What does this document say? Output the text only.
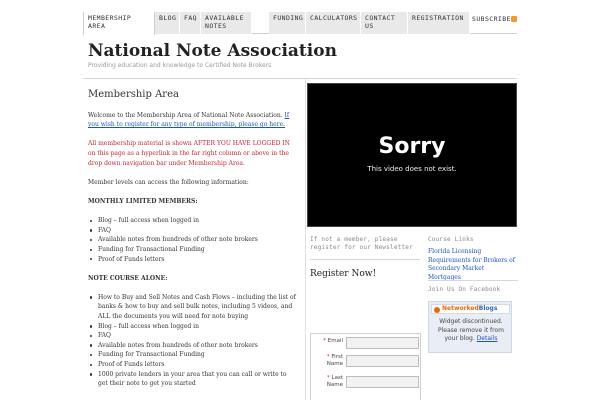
MEMBERSHIP AREA
BLOG	FAQ	AVAILABLE NOTES
FUNDING	CALCULATORS	CONTACT US
REGISTRATION	SUBSCRIBE
National Note Association
Providing education and knowledge to Certified Note Brokers
Membership Area

Welcome to the Membership Area of National Note Association. If you wish to register for any type of membership, please go here.

All membership material is shown AFTER YOU HAVE LOGGED IN on this page as a hyperlink in the far right column or above in the drop down navigation bar under Membership Area.

Member levels can access the following information:

MONTHLY LIMITED MEMBERS:
Blog – full access when logged in
FAQ
Available notes from hundreds of other note brokers
Funding for Transactional Funding
Proof of Funds letters
NOTE COURSE ALONE:
How to Buy and Sell Notes and Cash Flows – including the list of banks & how to buy and sell bulk notes, including 5 videos, and ALL the documents you will need for note buying
Blog – full access when logged in
FAQ
Available notes from hundreds of other note brokers
Funding for Transactional Funding
Proof of Funds letters
1000 private lenders in your area that you can call or write to get their note to get you started
Sorry
This video does not exist.
If not a member, please register for our Newsletter
Register Now!
* Email
* First Name
* Last Name
Course Links
Florida Licensing Requirements for Brokers of Secondary Market Mortgages
Join Us On Facebook
NetworkedBlogs
Widget discontinued. Please remove it from your blog. Details
